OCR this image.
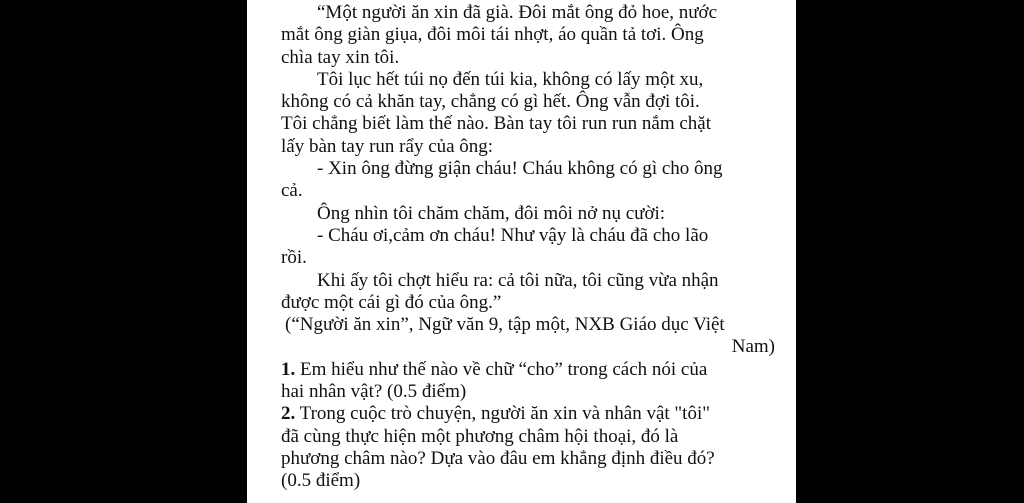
“Một người ăn xin đã già. Đôi mắt ông đỏ hoe, nước
mắt ông giàn giụa, đôi môi tái nhợt, áo quần tả tơi. Ông
chìa tay xin tôi.
Tôi lục hết túi nọ đến túi kia, không có lấy một xu,
không có cả khăn tay, chẳng có gì hết. Ông vẫn đợi tôi.
Tôi chẳng biết làm thế nào. Bàn tay tôi run run nắm chặt
lấy bàn tay run rẩy của ông:
- Xin ông đừng giận cháu! Cháu không có gì cho ông
cả.
Ông nhìn tôi chăm chăm, đôi môi nở nụ cười:
- Cháu ơi,cảm ơn cháu! Như vậy là cháu đã cho lão
rồi.
Khi ấy tôi chợt hiểu ra: cả tôi nữa, tôi cũng vừa nhận
được một cái gì đó của ông.”
(“Người ăn xin”, Ngữ văn 9, tập một, NXB Giáo dục Việt
Nam)
1. Em hiểu như thế nào về chữ “cho” trong cách nói của
hai nhân vật? (0.5 điểm)
2. Trong cuộc trò chuyện, người ăn xin và nhân vật "tôi"
đã cùng thực hiện một phương châm hội thoại, đó là
phương châm nào? Dựa vào đâu em khẳng định điều đó?
(0.5 điểm)
